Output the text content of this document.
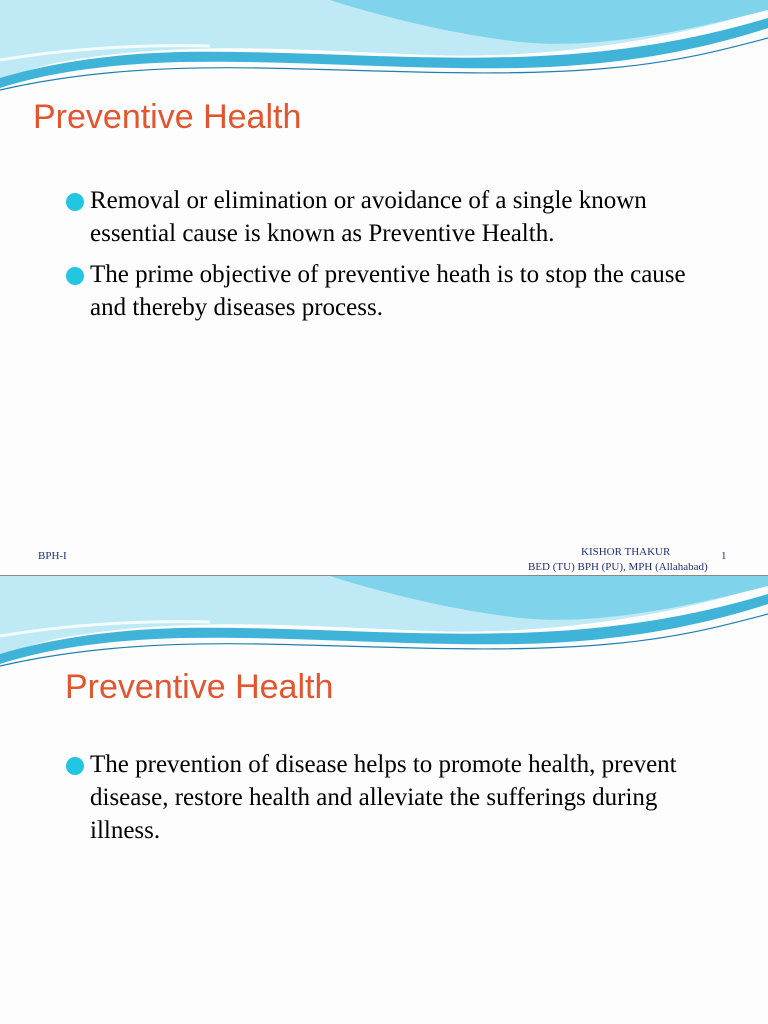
Preventive Health
Removal or elimination or avoidance of a single known essential cause is known as Preventive Health.
The prime objective of preventive heath is to stop the cause and thereby diseases process.
BPH-I	KISHOR THAKUR	1
BED (TU) BPH (PU), MPH (Allahabad)
Preventive Health
The prevention of disease helps to promote health, prevent disease, restore health and alleviate the sufferings during illness.
